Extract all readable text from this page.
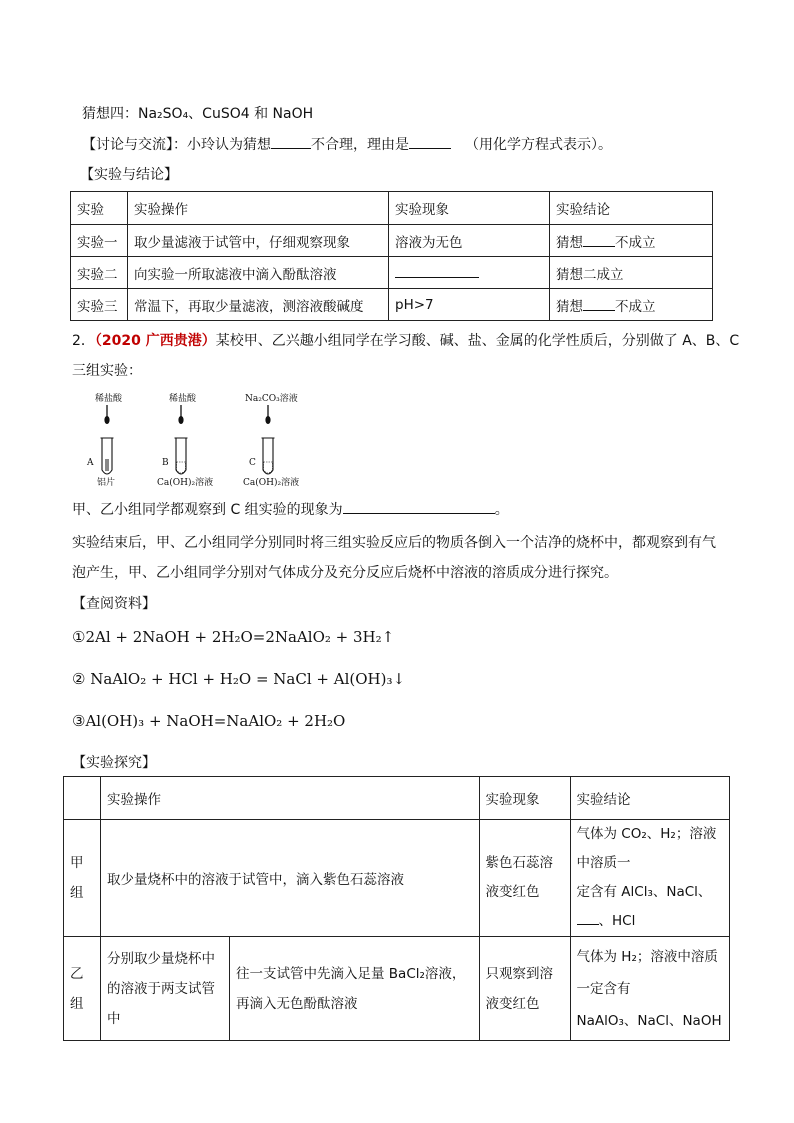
猜想四：Na₂SO₄、CuSO4 和 NaOH
【讨论与交流】：小玲认为猜想	不合理，理由是	（用化学方程式表示）。
【实验与结论】
实验	实验操作	实验现象	实验结论
实验一	取少量滤液于试管中，仔细观察现象	溶液为无色	猜想 不成立
实验二	向实验一所取滤液中滴入酚酞溶液		猜想二成立
实验三	常温下，再取少量滤液，测溶液酸碱度	pH>7	猜想 不成立
2．（2020 广西贵港）某校甲、乙兴趣小组同学在学习酸、碱、盐、金属的化学性质后，分别做了 A、B、C
三组实验：
稀盐酸
A
铝片
稀盐酸
B
Ca(OH)₂溶液
Na₂CO₃溶液
C
Ca(OH)₂溶液
甲、乙小组同学都观察到 C 组实验的现象为	。
实验结束后，甲、乙小组同学分别同时将三组实验反应后的物质各倒入一个洁净的烧杯中，都观察到有气
泡产生，甲、乙小组同学分别对气体成分及充分反应后烧杯中溶液的溶质成分进行探究。
【查阅资料】
①2Al + 2NaOH + 2H₂O=2NaAlO₂ + 3H₂↑
② NaAlO₂ + HCl + H₂O = NaCl + Al(OH)₃↓
③Al(OH)₃ + NaOH=NaAlO₂ + 2H₂O
【实验探究】
	实验操作		实验现象	实验结论
甲组	取少量烧杯中的溶液于试管中，滴入紫色石蕊溶液		紫色石蕊溶液变红色	气体为 CO₂、H₂；溶液中溶质一
定含有 AlCl₃、NaCl、、HCl

乙组	分别取少量烧杯中的溶液于两支试管中	往一支试管中先滴入足量 BaCl₂溶液，再滴入无色酚酞溶液	只观察到溶液变红色	气体为 H₂；溶液中溶质一定含有
NaAlO₃、NaCl、NaOH
